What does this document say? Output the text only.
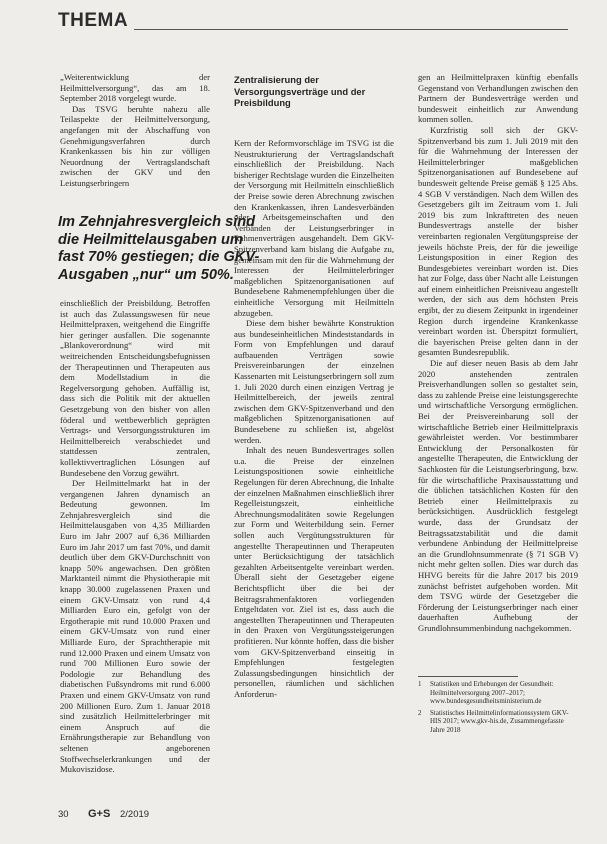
THEMA

„Weiterentwicklung der Heilmittelversorgung“, das am 18. September 2018 vorgelegt wurde.

Das TSVG beruhte nahezu alle Teilaspekte der Heilmittelversorgung, angefangen mit der Abschaffung von Genehmigungsverfahren durch Krankenkassen bis hin zur völligen Neuordnung der Vertragslandschaft zwischen der GKV und den Leistungserbringern

Im Zehnjahresvergleich sind die Heilmittelausgaben um fast 70% gestiegen; die GKV-Ausgaben „nur“ um 50%.

einschließlich der Preisbildung. Betroffen ist auch das Zulassungswesen für neue Heilmittelpraxen, weitgehend die Eingriffe hier geringer ausfallen. Die sogenannte „Blankoverordnung“ wird mit weitreichenden Entscheidungsbefugnissen der Therapeutinnen und Therapeuten aus dem Modellstadium in die Regelversorgung gehoben. Auffällig ist, dass sich die Politik mit der aktuellen Gesetzgebung von den bisher von allen föderal und wettbewerblich geprägten Vertrags- und Versorgungsstrukturen im Heilmittelbereich verabschiedet und stattdessen zentralen, kollektivvertraglichen Lösungen auf Bundesebene den Vorzug gewährt.

Der Heilmittelmarkt hat in der vergangenen Jahren dynamisch an Bedeutung gewonnen. Im Zehnjahresvergleich sind die Heilmittelausgaben von 4,35 Milliarden Euro im Jahr 2007 auf 6,36 Milliarden Euro im Jahr 2017 um fast 70%, und damit deutlich über dem GKV-Durchschnitt von knapp 50% angewachsen. Den größten Marktanteil nimmt die Physiotherapie mit knapp 30.000 zugelassenen Praxen und einem GKV-Umsatz von rund 4,4 Milliarden Euro ein, gefolgt von der Ergotherapie mit rund 10.000 Praxen und einem GKV-Umsatz von rund einer Milliarde Euro, der Sprachtherapie mit rund 12.000 Praxen und einem Umsatz von rund 700 Millionen Euro sowie der Podologie zur Behandlung des diabetischen Fußsyndroms mit rund 6.000 Praxen und einem GKV-Umsatz von rund 200 Millionen Euro. Zum 1. Januar 2018 sind zusätzlich Heilmittelerbringer mit einem Anspruch auf die Ernährungstherapie zur Behandlung von seltenen angeborenen Stoffwechselerkrankungen und der Mukoviszidose.

Zentralisierung der Versorgungsverträge und der Preisbildung

Kern der Reformvorschläge im TSVG ist die Neustrukturierung der Vertragslandschaft einschließlich der Preisbildung. Nach bisheriger Rechtslage wurden die Einzelheiten der Versorgung mit Heilmitteln einschließlich der Preise sowie deren Abrechnung zwischen den Krankenkassen, ihren Landesverbänden oder Arbeitsgemeinschaften und den Verbänden der Leistungserbringer in Rahmenverträgen ausgehandelt. Dem GKV-Spitzenverband kam bislang die Aufgabe zu, gemeinsam mit den für die Wahrnehmung der Interessen der Heilmittelerbringer maßgeblichen Spitzenorganisationen auf Bundesebene Rahmenempfehlungen über die einheitliche Versorgung mit Heilmitteln abzugeben.

Diese dem bisher bewährte Konstruktion aus bundeseinheitlichen Mindeststandards in Form von Empfehlungen und darauf aufbauenden Verträgen sowie Preisvereinbarungen der einzelnen Kassenarten mit Leistungserbringern soll zum 1. Juli 2020 durch einen einzigen Vertrag je Heilmittelbereich, der jeweils zentral zwischen dem GKV-Spitzenverband und den maßgeblichen Spitzenorganisationen auf Bundesebene zu schließen ist, abgelöst werden.

Inhalt des neuen Bundesvertrages sollen u.a. die Preise der einzelnen Leistungspositionen sowie einheitliche Regelungen für deren Abrechnung, die Inhalte der einzelnen Maßnahmen einschließlich ihrer Regelleistungszeit, einheitliche Abrechnungsmodalitäten sowie Regelungen zur Form und Weiterbildung sein. Ferner sollen auch Vergütungsstrukturen für angestellte Therapeutinnen und Therapeuten unter Berücksichtigung der tatsächlich gezahlten Arbeitsentgelte vereinbart werden. Überall sieht der Gesetzgeber eigene Berichtspflicht über die bei der Beitragsrahmenfaktoren vorliegenden Entgeltdaten vor. Ziel ist es, dass auch die angestellten Therapeutinnen und Therapeuten in den Praxen von Vergütungssteigerungen profitieren. Nur könnte hoffen, dass die bisher vom GKV-Spitzenverband einseitig in Empfehlungen festgelegten Zulassungsbedingungen hinsichtlich der personellen, räumlichen und sächlichen Anforderun-

gen an Heilmittelpraxen künftig ebenfalls Gegenstand von Verhandlungen zwischen den Partnern der Bundesverträge werden und bundesweit einheitlich zur Anwendung kommen sollen.

Kurzfristig soll sich der GKV-Spitzenverband bis zum 1. Juli 2019 mit den für die Wahrnehmung der Interessen der Heilmittelerbringer maßgeblichen Spitzenorganisationen auf Bundesebene auf bundesweit geltende Preise gemäß § 125 Abs. 4 SGB V verständigen. Nach dem Willen des Gesetzgebers gilt im Zeitraum vom 1. Juli 2019 bis zum Inkrafttreten des neuen Bundesvertrags anstelle der bisher vereinbarten regionalen Vergütungspreise der jeweils höchste Preis, der für die jeweilige Leistungsposition in einer Region des Bundesgebietes vereinbart worden ist. Dies hat zur Folge, dass über Nacht alle Leistungen auf einem einheitlichen Preisniveau angestellt werden, der sich aus dem höchsten Preis ergibt, der zu diesem Zeitpunkt in irgendeiner Region durch irgendeine Krankenkasse vereinbart worden ist. Überspitzt formuliert, die bayerischen Preise gelten dann in der gesamten Bundesrepublik.

Die auf dieser neuen Basis ab dem Jahr 2020 anstehenden zentralen Preisverhandlungen sollen so gestaltet sein, dass zu zahlende Preise eine leistungsgerechte und wirtschaftliche Versorgung ermöglichen. Bei der Preisvereinbarung soll der wirtschaftliche Betrieb einer Heilmittelpraxis gewährleistet werden. Vor bestimmbarer Entwicklung der Personalkosten für angestellte Therapeuten, die Entwicklung der Sachkosten für die Leistungserbringung, bzw. für die wirtschaftliche Praxisausstattung und die üblichen tatsächlichen Kosten für den Betrieb einer Heilmittelpraxis zu berücksichtigen. Ausdrücklich festgelegt wurde, dass der Grundsatz der Beitragssatzstabilität und die damit verbundene Anbindung der Heilmittelpreise an die Grundlohnsummenrate (§ 71 SGB V) nicht mehr gelten sollen. Dies war durch das HHVG bereits für die Jahre 2017 bis 2019 zunächst befristet aufgehoben worden. Mit dem TSVG würde der Gesetzgeber die Förderung der Leistungserbringer nach einer dauerhaften Aufhebung der Grundlohnsummenbindung nachgekommen.

1 Statistiken und Erhebungen der Gesundheit: Heilmittelversorgung 2007–2017; www.bundesgesundheitsministerium.de
2 Statistisches Heilmittelinformationssystem GKV-HIS 2017; www.gkv-his.de, Zusammengefasste Jahre 2018
30 G+S 2/2019
